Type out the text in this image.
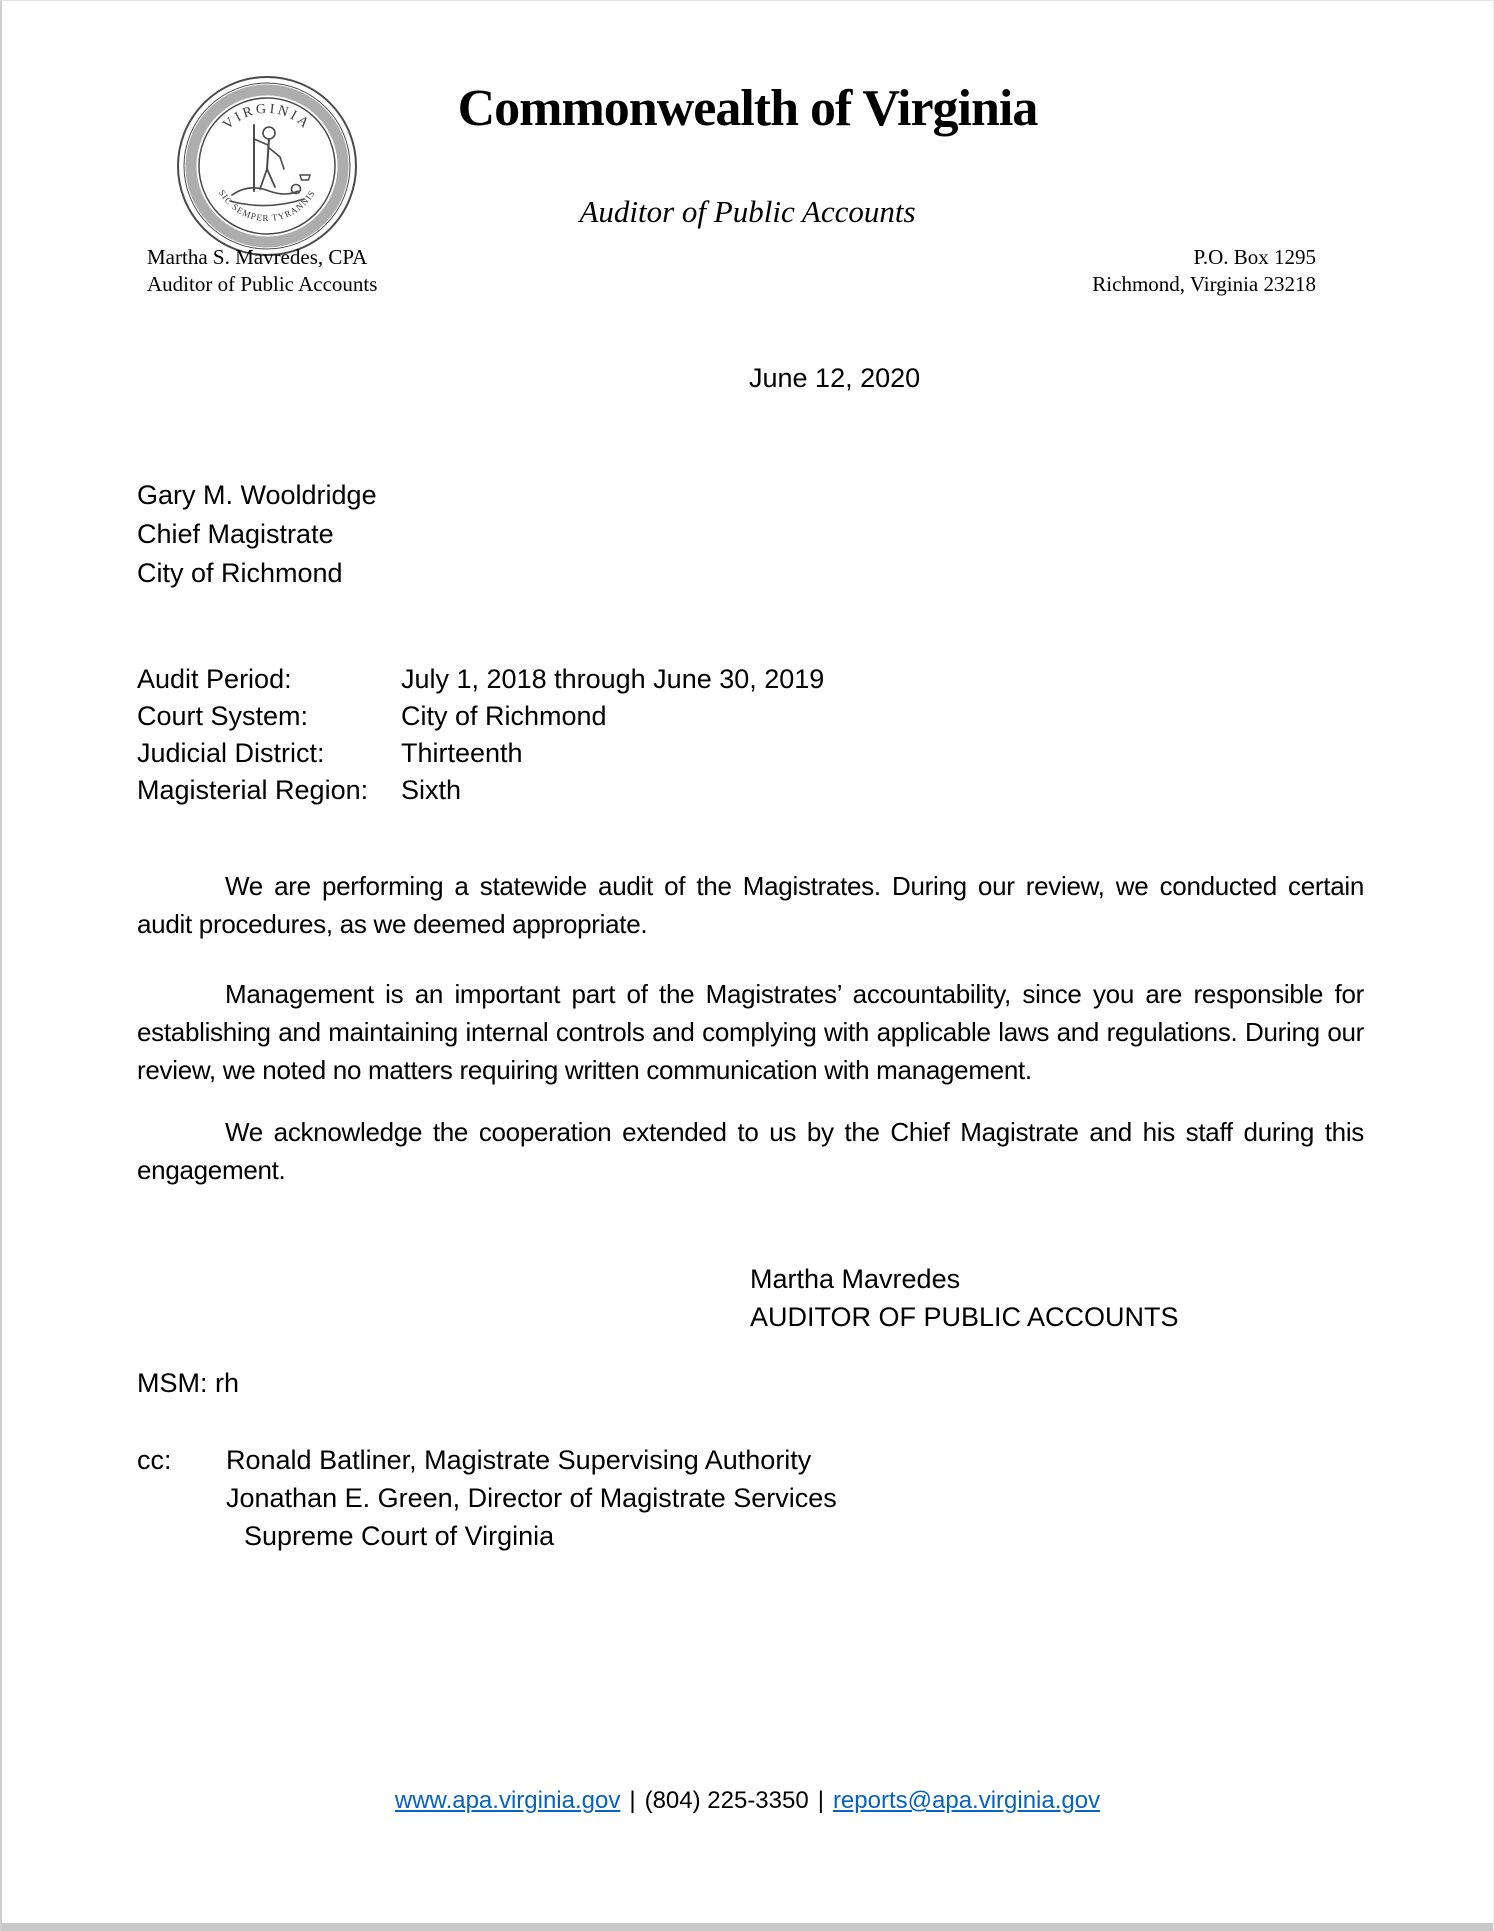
VIRGINIA
SIC SEMPER TYRANNIS
Commonwealth of Virginia
Auditor of Public Accounts
Martha S. Mavredes, CPA
Auditor of Public Accounts
P.O. Box 1295
Richmond, Virginia 23218
June 12, 2020
Gary M. Wooldridge
Chief Magistrate
City of Richmond
Audit Period:	July 1, 2018 through June 30, 2019
Court System:	City of Richmond
Judicial District:	Thirteenth
Magisterial Region: Sixth
We are performing a statewide audit of the Magistrates. During our review, we conducted certain audit procedures, as we deemed appropriate.
Management is an important part of the Magistrates’ accountability, since you are responsible for establishing and maintaining internal controls and complying with applicable laws and regulations. During our review, we noted no matters requiring written communication with management.
We acknowledge the cooperation extended to us by the Chief Magistrate and his staff during this engagement.
Martha Mavredes
AUDITOR OF PUBLIC ACCOUNTS
MSM: rh
cc:	Ronald Batliner, Magistrate Supervising Authority
Jonathan E. Green, Director of Magistrate Services
Supreme Court of Virginia
www.apa.virginia.gov | (804) 225-3350 | reports@apa.virginia.gov
